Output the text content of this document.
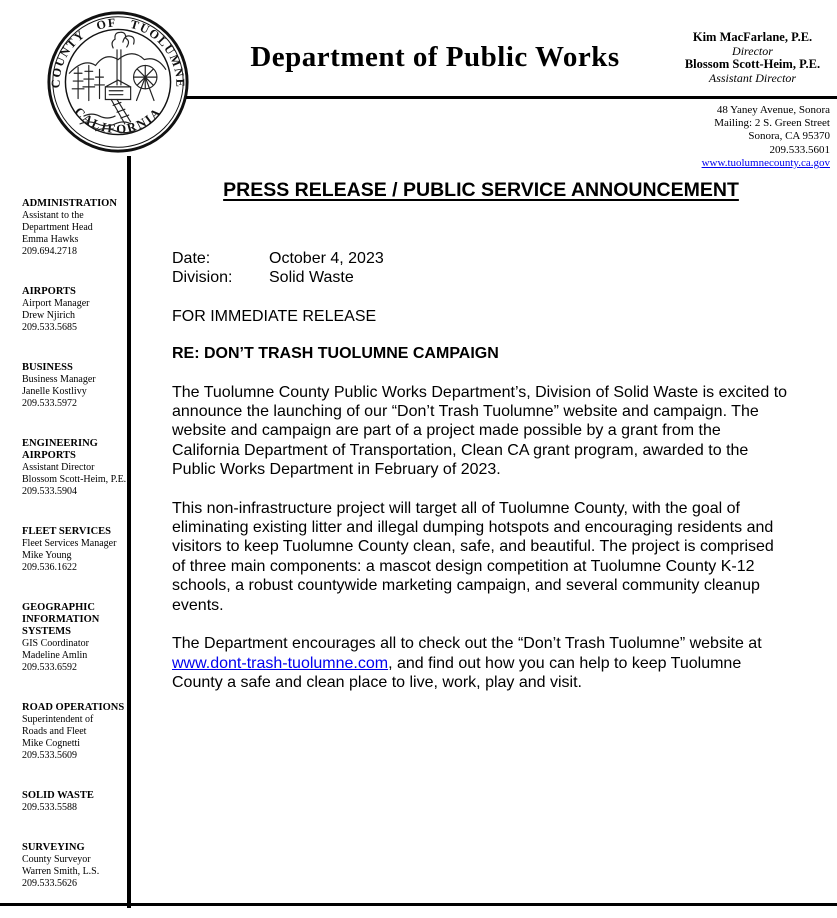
COUNTY OF TUOLUMNE
CALIFORNIA
Department of Public Works
Kim MacFarlane, P.E.
Director
Blossom Scott-Heim, P.E.
Assistant Director
48 Yaney Avenue, Sonora
Mailing: 2 S. Green Street
Sonora, CA 95370
209.533.5601
www.tuolumnecounty.ca.gov
ADMINISTRATION
Assistant to the
Department Head
Emma Hawks
209.694.2718
AIRPORTS
Airport Manager
Drew Njirich
209.533.5685
BUSINESS
Business Manager
Janelle Kostlivy
209.533.5972
ENGINEERING AIRPORTS
Assistant Director
Blossom Scott-Heim, P.E.
209.533.5904
FLEET SERVICES
Fleet Services Manager
Mike Young
209.536.1622
GEOGRAPHIC INFORMATION SYSTEMS
GIS Coordinator
Madeline Amlin
209.533.6592
ROAD OPERATIONS
Superintendent of
Roads and Fleet
Mike Cognetti
209.533.5609
SOLID WASTE
209.533.5588
SURVEYING
County Surveyor
Warren Smith, L.S.
209.533.5626
PRESS RELEASE / PUBLIC SERVICE ANNOUNCEMENT
Date:	October 4, 2023
Division: Solid Waste
FOR IMMEDIATE RELEASE
RE: DON’T TRASH TUOLUMNE CAMPAIGN

The Tuolumne County Public Works Department’s, Division of Solid Waste is excited to announce the launching of our “Don’t Trash Tuolumne” website and campaign. The website and campaign are part of a project made possible by a grant from the California Department of Transportation, Clean CA grant program, awarded to the Public Works Department in February of 2023.

This non-infrastructure project will target all of Tuolumne County, with the goal of eliminating existing litter and illegal dumping hotspots and encouraging residents and visitors to keep Tuolumne County clean, safe, and beautiful. The project is comprised of three main components: a mascot design competition at Tuolumne County K-12 schools, a robust countywide marketing campaign, and several community cleanup events.

The Department encourages all to check out the “Don’t Trash Tuolumne” website at www.dont-trash-tuolumne.com, and find out how you can help to keep Tuolumne County a safe and clean place to live, work, play and visit.
